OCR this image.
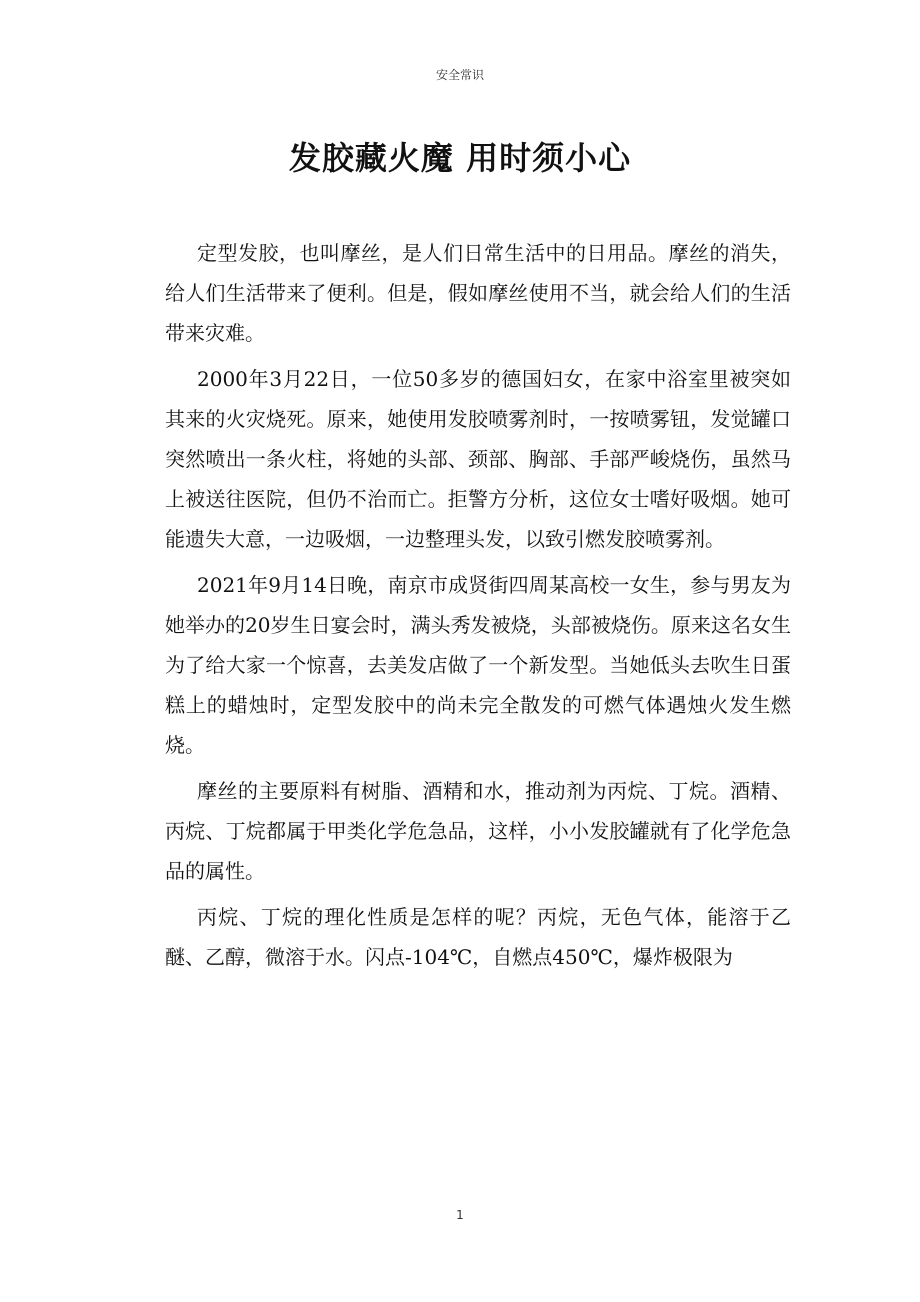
安全常识
发胶藏火魔 用时须小心

定型发胶，也叫摩丝，是人们日常生活中的日用品。摩丝的消失，给人们生活带来了便利。但是，假如摩丝使用不当，就会给人们的生活带来灾难。

2000年3月22日，一位50多岁的德国妇女，在家中浴室里被突如其来的火灾烧死。原来，她使用发胶喷雾剂时，一按喷雾钮，发觉罐口突然喷出一条火柱，将她的头部、颈部、胸部、手部严峻烧伤，虽然马上被送往医院，但仍不治而亡。拒警方分析，这位女士嗜好吸烟。她可能遗失大意，一边吸烟，一边整理头发，以致引燃发胶喷雾剂。

2021年9月14日晚，南京市成贤街四周某高校一女生，参与男友为她举办的20岁生日宴会时，满头秀发被烧，头部被烧伤。原来这名女生为了给大家一个惊喜，去美发店做了一个新发型。当她低头去吹生日蛋糕上的蜡烛时，定型发胶中的尚未完全散发的可燃气体遇烛火发生燃烧。

摩丝的主要原料有树脂、酒精和水，推动剂为丙烷、丁烷。酒精、丙烷、丁烷都属于甲类化学危急品，这样，小小发胶罐就有了化学危急品的属性。

丙烷、丁烷的理化性质是怎样的呢？丙烷，无色气体，能溶于乙醚、乙醇，微溶于水。闪点-104℃，自燃点450℃，爆炸极限为

1
